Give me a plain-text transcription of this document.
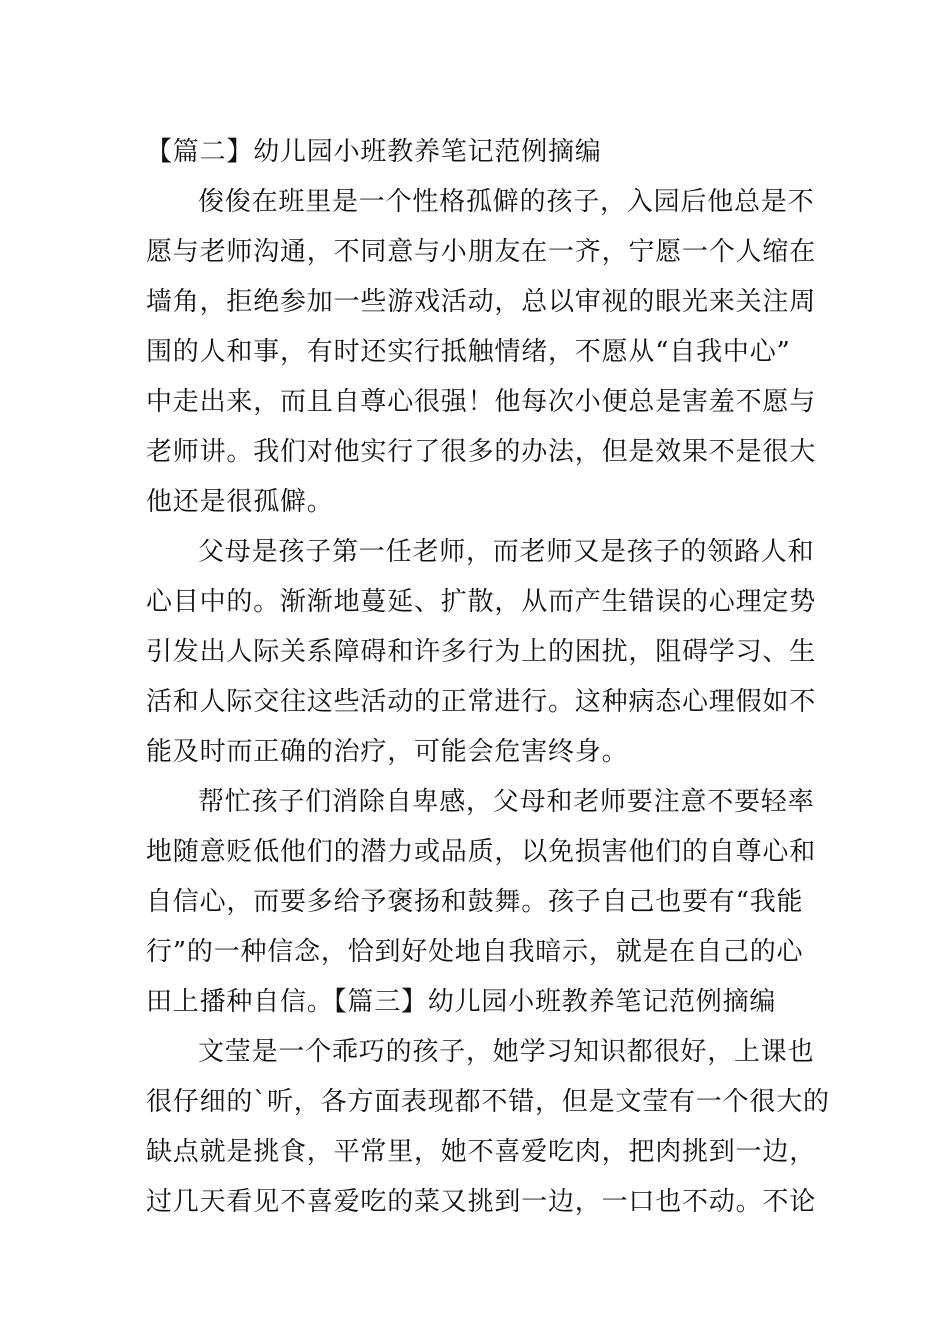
【篇二】幼儿园小班教养笔记范例摘编
俊俊在班里是一个性格孤僻的孩子，入园后他总是不
愿与老师沟通，不同意与小朋友在一齐，宁愿一个人缩在
墙角，拒绝参加一些游戏活动，总以审视的眼光来关注周
围的人和事，有时还实行抵触情绪，不愿从“自我中心”
中走出来，而且自尊心很强！他每次小便总是害羞不愿与
老师讲。我们对他实行了很多的办法，但是效果不是很大
他还是很孤僻。
父母是孩子第一任老师，而老师又是孩子的领路人和
心目中的。渐渐地蔓延、扩散，从而产生错误的心理定势
引发出人际关系障碍和许多行为上的困扰，阻碍学习、生
活和人际交往这些活动的正常进行。这种病态心理假如不
能及时而正确的治疗，可能会危害终身。
帮忙孩子们消除自卑感，父母和老师要注意不要轻率
地随意贬低他们的潜力或品质，以免损害他们的自尊心和
自信心，而要多给予褒扬和鼓舞。孩子自己也要有“我能
行”的一种信念，恰到好处地自我暗示，就是在自己的心
田上播种自信。【篇三】幼儿园小班教养笔记范例摘编
文莹是一个乖巧的孩子，她学习知识都很好，上课也
很仔细的`听，各方面表现都不错，但是文莹有一个很大的
缺点就是挑食，平常里，她不喜爱吃肉，把肉挑到一边，
过几天看见不喜爱吃的菜又挑到一边，一口也不动。不论
